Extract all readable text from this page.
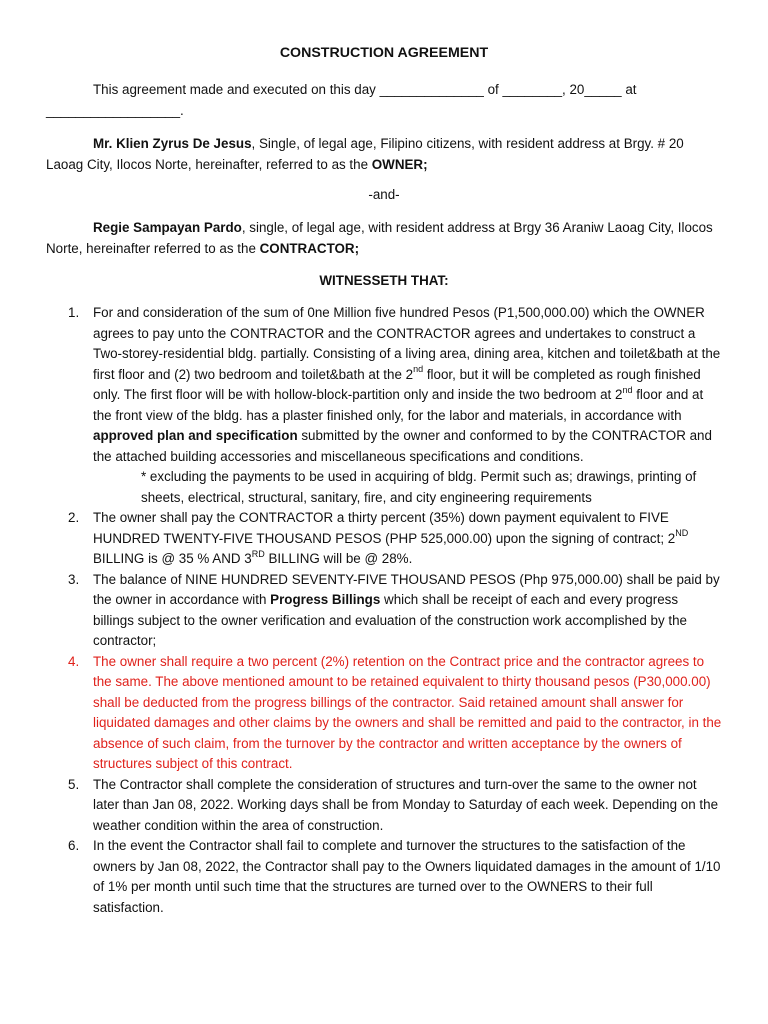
CONSTRUCTION AGREEMENT

This agreement made and executed on this day ______________ of ________, 20_____ at
__________________.

Mr. Klien Zyrus De Jesus, Single, of legal age, Filipino citizens, with resident address at Brgy. # 20 Laoag City, Ilocos Norte, hereinafter, referred to as the OWNER;

-and-

Regie Sampayan Pardo, single, of legal age, with resident address at Brgy 36 Araniw Laoag City, Ilocos Norte, hereinafter referred to as the CONTRACTOR;

WITNESSETH THAT:

1. For and consideration of the sum of 0ne Million five hundred Pesos (P1,500,000.00) which the OWNER agrees to pay unto the CONTRACTOR and the CONTRACTOR agrees and undertakes to construct a Two-storey-residential bldg. partially. Consisting of a living area, dining area, kitchen and toilet&bath at the first floor and (2) two bedroom and toilet&bath at the 2nd floor, but it will be completed as rough finished only. The first floor will be with hollow-block-partition only and inside the two bedroom at 2nd floor and at the front view of the bldg. has a plaster finished only, for the labor and materials, in accordance with approved plan and specification submitted by the owner and conformed to by the CONTRACTOR and the attached building accessories and miscellaneous specifications and conditions.
* excluding the payments to be used in acquiring of bldg. Permit such as; drawings, printing of sheets, electrical, structural, sanitary, fire, and city engineering requirements
2. The owner shall pay the CONTRACTOR a thirty percent (35%) down payment equivalent to FIVE HUNDRED TWENTY-FIVE THOUSAND PESOS (PHP 525,000.00) upon the signing of contract; 2ND BILLING is @ 35 % AND 3RD BILLING will be @ 28%.
3. The balance of NINE HUNDRED SEVENTY-FIVE THOUSAND PESOS (Php 975,000.00) shall be paid by the owner in accordance with Progress Billings which shall be receipt of each and every progress billings subject to the owner verification and evaluation of the construction work accomplished by the contractor;
4. The owner shall require a two percent (2%) retention on the Contract price and the contractor agrees to the same. The above mentioned amount to be retained equivalent to thirty thousand pesos (P30,000.00) shall be deducted from the progress billings of the contractor. Said retained amount shall answer for liquidated damages and other claims by the owners and shall be remitted and paid to the contractor, in the absence of such claim, from the turnover by the contractor and written acceptance by the owners of structures subject of this contract.
5. The Contractor shall complete the consideration of structures and turn-over the same to the owner not later than Jan 08, 2022. Working days shall be from Monday to Saturday of each week. Depending on the weather condition within the area of construction.
6. In the event the Contractor shall fail to complete and turnover the structures to the satisfaction of the owners by Jan 08, 2022, the Contractor shall pay to the Owners liquidated damages in the amount of 1/10 of 1% per month until such time that the structures are turned over to the OWNERS to their full satisfaction.
